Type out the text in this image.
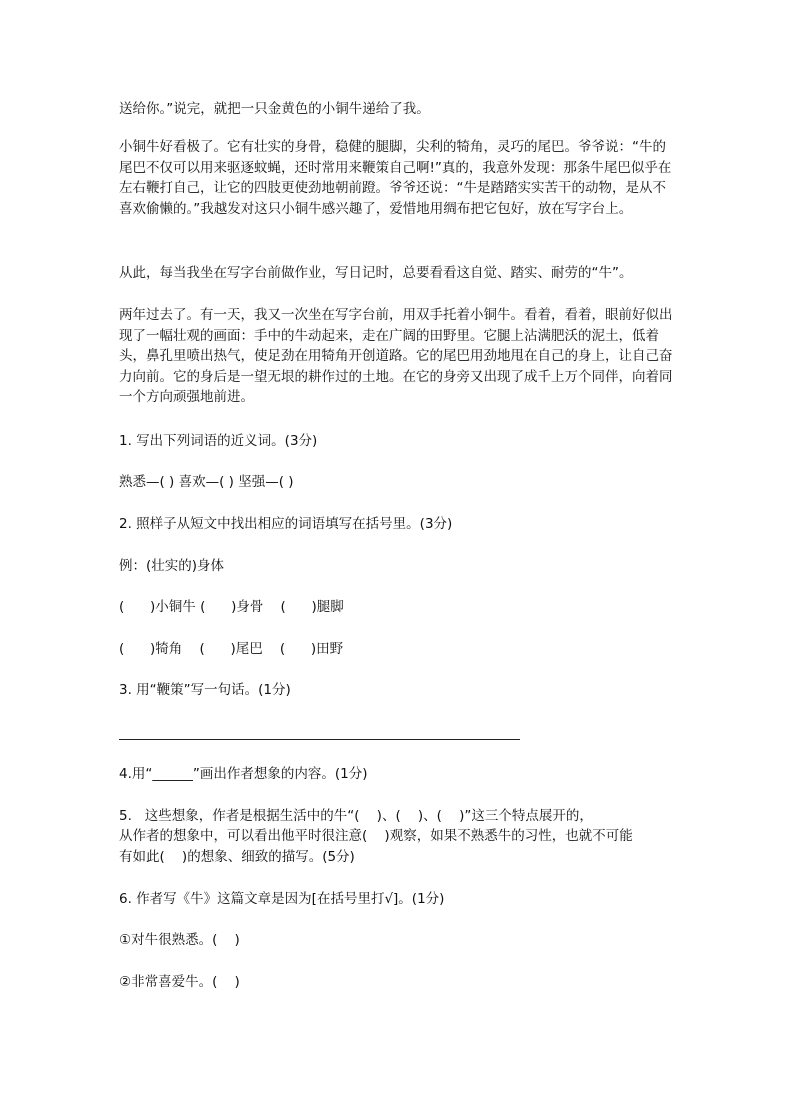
送给你。”说完，就把一只金黄色的小铜牛递给了我。

小铜牛好看极了。它有壮实的身骨，稳健的腿脚，尖利的犄角，灵巧的尾巴。爷爷说：“牛的尾巴不仅可以用来驱逐蚊蝇，还时常用来鞭策自己啊!”真的，我意外发现：那条牛尾巴似乎在左右鞭打自己，让它的四肢更使劲地朝前蹬。爷爷还说：“牛是踏踏实实苦干的动物，是从不喜欢偷懒的。”我越发对这只小铜牛感兴趣了，爱惜地用绸布把它包好，放在写字台上。

从此，每当我坐在写字台前做作业，写日记时，总要看看这自觉、踏实、耐劳的“牛”。

两年过去了。有一天，我又一次坐在写字台前，用双手托着小铜牛。看着，看着，眼前好似出现了一幅壮观的画面：手中的牛动起来，走在广阔的田野里。它腿上沾满肥沃的泥土，低着头，鼻孔里喷出热气，使足劲在用犄角开创道路。它的尾巴用劲地甩在自己的身上，让自己奋力向前。它的身后是一望无垠的耕作过的土地。在它的身旁又出现了成千上万个同伴，向着同一个方向顽强地前进。

1. 写出下列词语的近义词。(3分)

熟悉—( ) 喜欢—( ) 坚强—( )

2. 照样子从短文中找出相应的词语填写在括号里。(3分)

例：(壮实的)身体

(      )小铜牛 (      )身骨    (      )腿脚

(      )犄角    (      )尾巴    (      )田野

3. 用“鞭策”写一句话。(1分)

4.用“______”画出作者想象的内容。(1分)

5.   这些想象，作者是根据生活中的牛“(    )、(    )、(    )”这三个特点展开的，

从作者的想象中，可以看出他平时很注意(    )观察，如果不熟悉牛的习性，也就不可能

有如此(    )的想象、细致的描写。(5分)

6. 作者写《牛》这篇文章是因为[在括号里打√]。(1分)

①对牛很熟悉。(    )

②非常喜爱牛。(    )
